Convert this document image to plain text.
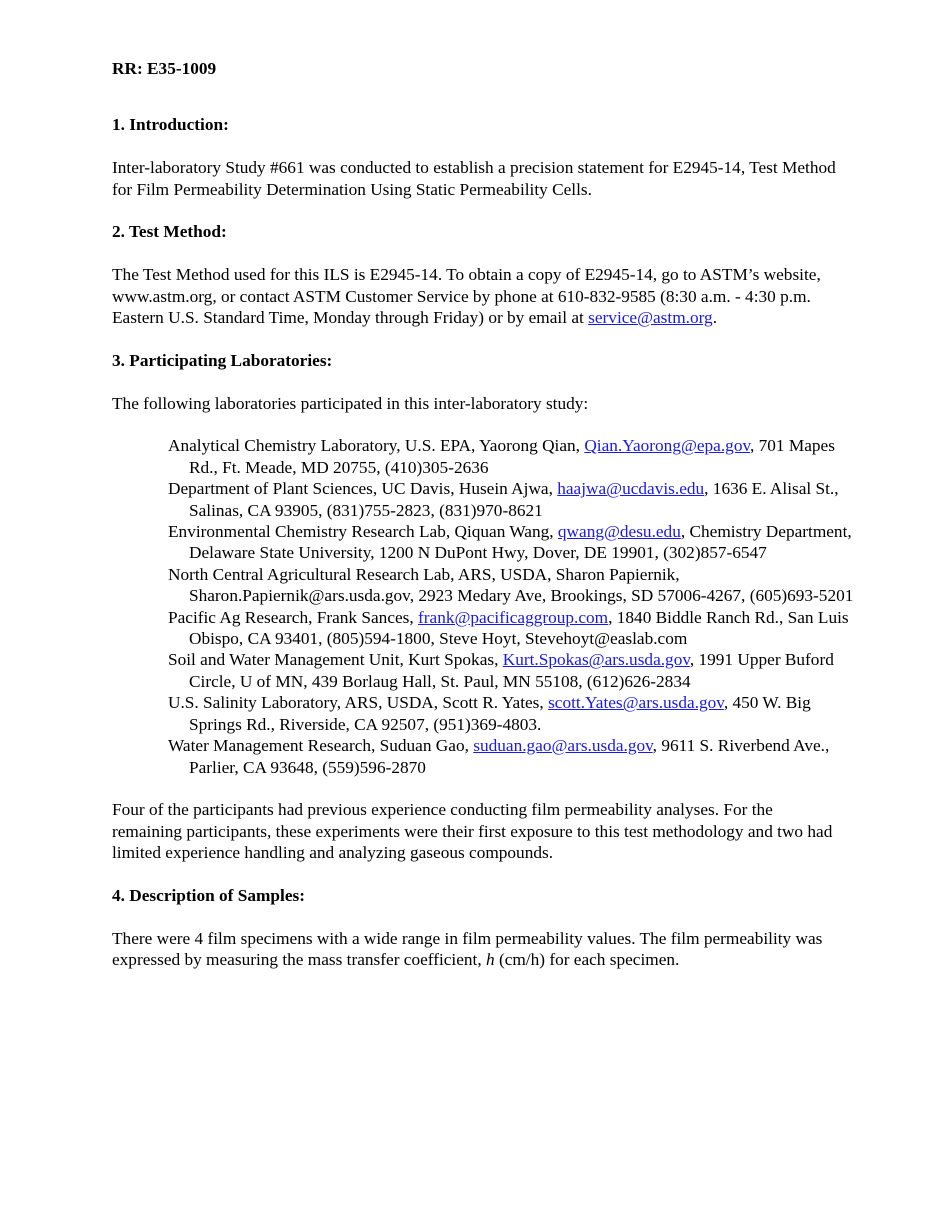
RR: E35-1009
1. Introduction:

Inter-laboratory Study #661 was conducted to establish a precision statement for E2945-14, Test Method for Film Permeability Determination Using Static Permeability Cells.

2. Test Method:

The Test Method used for this ILS is E2945-14. To obtain a copy of E2945-14, go to ASTM’s website, www.astm.org, or contact ASTM Customer Service by phone at 610-832-9585 (8:30 a.m. - 4:30 p.m. Eastern U.S. Standard Time, Monday through Friday) or by email at service@astm.org.

3. Participating Laboratories:

The following laboratories participated in this inter-laboratory study:

Analytical Chemistry Laboratory, U.S. EPA, Yaorong Qian, Qian.Yaorong@epa.gov, 701 Mapes Rd., Ft. Meade, MD 20755, (410)305-2636
Department of Plant Sciences, UC Davis, Husein Ajwa, haajwa@ucdavis.edu, 1636 E. Alisal St., Salinas, CA 93905, (831)755-2823, (831)970-8621
Environmental Chemistry Research Lab, Qiquan Wang, qwang@desu.edu, Chemistry Department, Delaware State University, 1200 N DuPont Hwy, Dover, DE 19901, (302)857-6547
North Central Agricultural Research Lab, ARS, USDA, Sharon Papiernik, Sharon.Papiernik@ars.usda.gov, 2923 Medary Ave, Brookings, SD 57006-4267, (605)693-5201
Pacific Ag Research, Frank Sances, frank@pacificaggroup.com, 1840 Biddle Ranch Rd., San Luis Obispo, CA 93401, (805)594-1800, Steve Hoyt, Stevehoyt@easlab.com
Soil and Water Management Unit, Kurt Spokas, Kurt.Spokas@ars.usda.gov, 1991 Upper Buford Circle, U of MN, 439 Borlaug Hall, St. Paul, MN 55108, (612)626-2834
U.S. Salinity Laboratory, ARS, USDA, Scott R. Yates, scott.Yates@ars.usda.gov, 450 W. Big Springs Rd., Riverside, CA 92507, (951)369-4803.
Water Management Research, Suduan Gao, suduan.gao@ars.usda.gov, 9611 S. Riverbend Ave., Parlier, CA 93648, (559)596-2870

Four of the participants had previous experience conducting film permeability analyses. For the remaining participants, these experiments were their first exposure to this test methodology and two had limited experience handling and analyzing gaseous compounds.

4. Description of Samples:

There were 4 film specimens with a wide range in film permeability values. The film permeability was expressed by measuring the mass transfer coefficient, h (cm/h) for each specimen.
